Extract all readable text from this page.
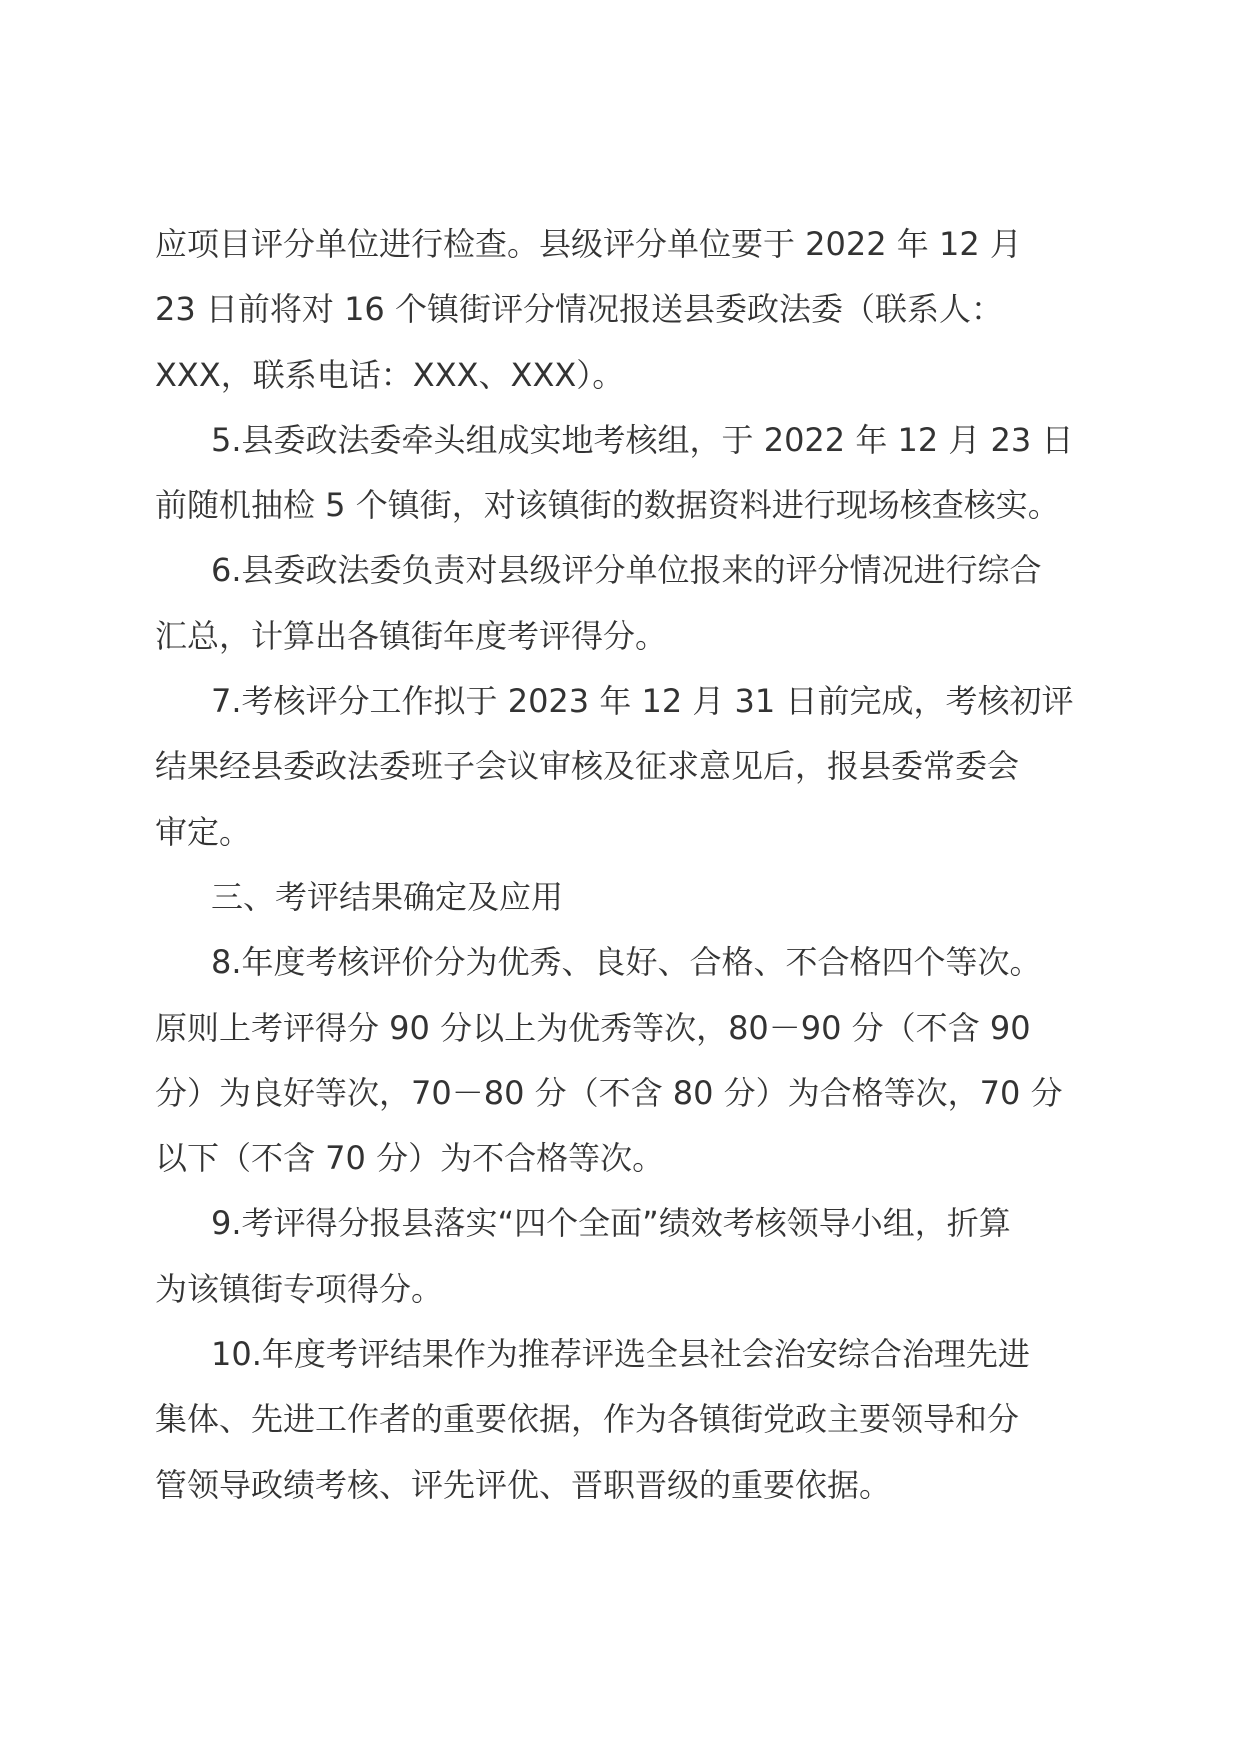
应项目评分单位进行检查。县级评分单位要于 2022 年 12 月
23 日前将对 16 个镇街评分情况报送县委政法委（联系人：
XXX，联系电话：XXX、XXX）。
5.县委政法委牵头组成实地考核组，于 2022 年 12 月 23 日
前随机抽检 5 个镇街，对该镇街的数据资料进行现场核查核实。
6.县委政法委负责对县级评分单位报来的评分情况进行综合
汇总，计算出各镇街年度考评得分。
7.考核评分工作拟于 2023 年 12 月 31 日前完成，考核初评
结果经县委政法委班子会议审核及征求意见后，报县委常委会
审定。
三、考评结果确定及应用
8.年度考核评价分为优秀、良好、合格、不合格四个等次。
原则上考评得分 90 分以上为优秀等次，80－90 分（不含 90
分）为良好等次，70－80 分（不含 80 分）为合格等次，70 分
以下（不含 70 分）为不合格等次。
9.考评得分报县落实“四个全面”绩效考核领导小组，折算
为该镇街专项得分。
10.年度考评结果作为推荐评选全县社会治安综合治理先进
集体、先进工作者的重要依据，作为各镇街党政主要领导和分
管领导政绩考核、评先评优、晋职晋级的重要依据。
